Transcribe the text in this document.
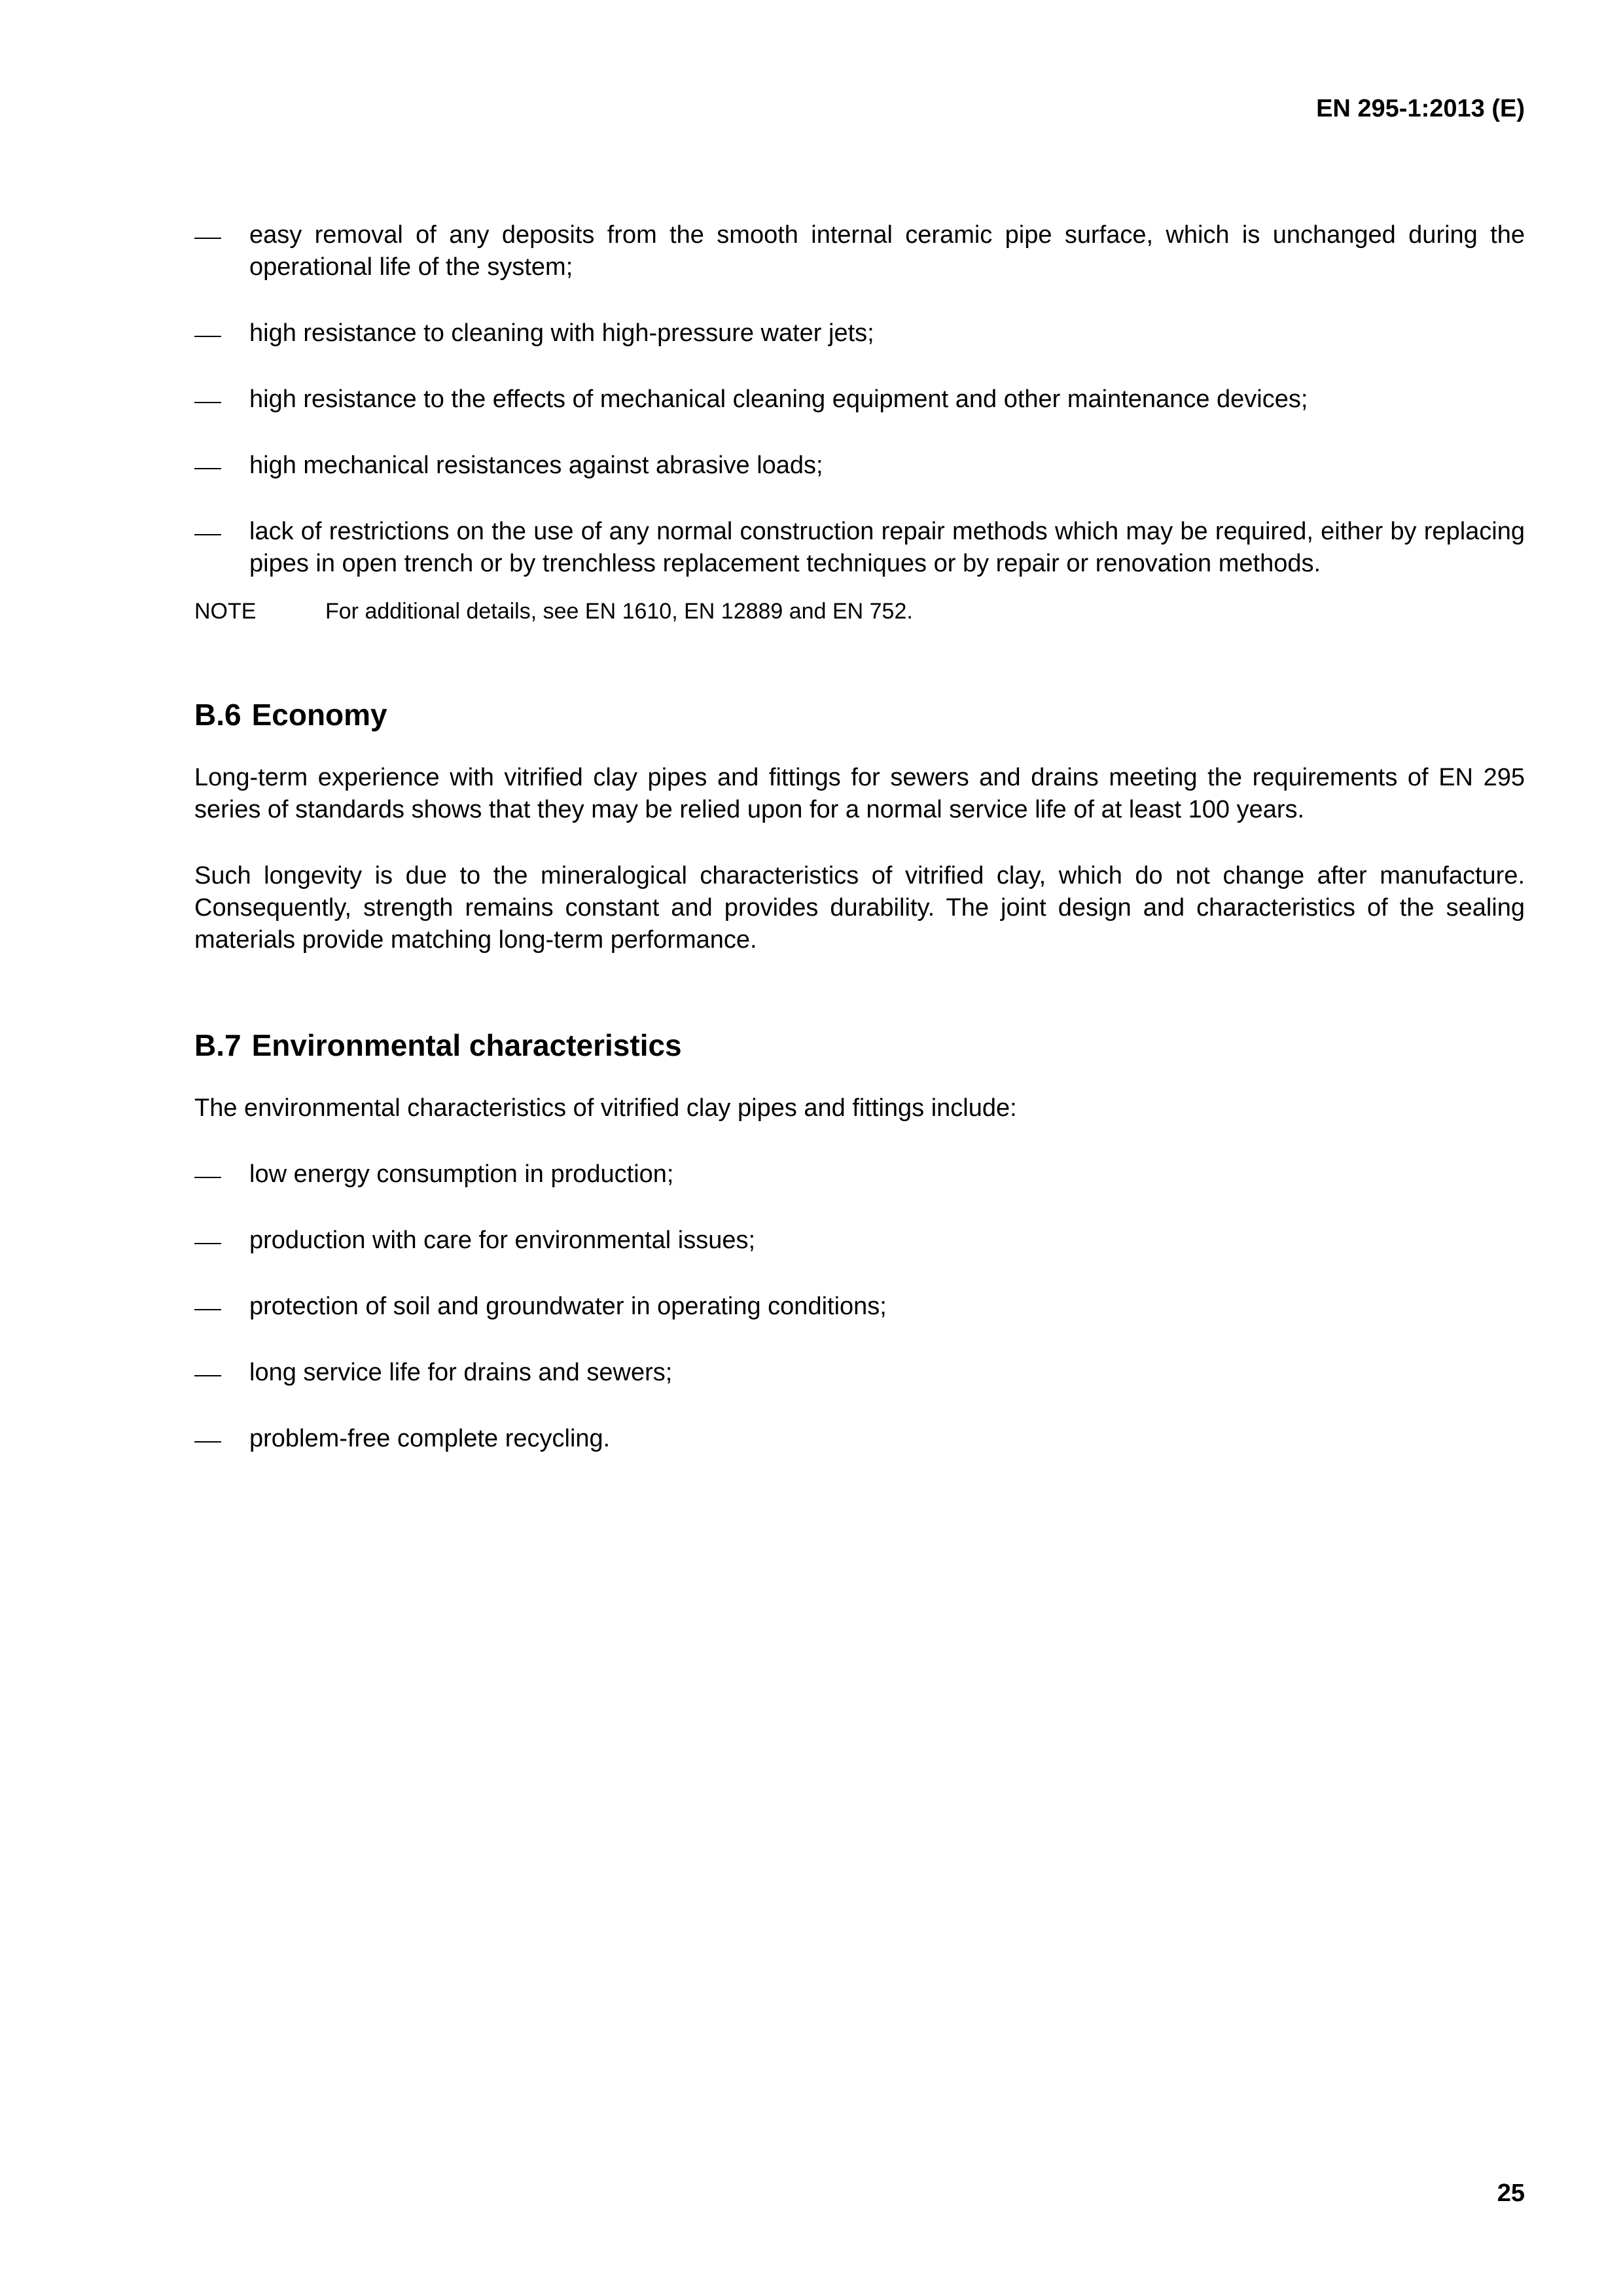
EN 295-1:2013 (E)
easy removal of any deposits from the smooth internal ceramic pipe surface, which is unchanged during the operational life of the system;
high resistance to cleaning with high-pressure water jets;
high resistance to the effects of mechanical cleaning equipment and other maintenance devices;
high mechanical resistances against abrasive loads;
lack of restrictions on the use of any normal construction repair methods which may be required, either by replacing pipes in open trench or by trenchless replacement techniques or by repair or renovation methods.
NOTE	For additional details, see EN 1610, EN 12889 and EN 752.
B.6 Economy

Long-term experience with vitrified clay pipes and fittings for sewers and drains meeting the requirements of EN 295 series of standards shows that they may be relied upon for a normal service life of at least 100 years.

Such longevity is due to the mineralogical characteristics of vitrified clay, which do not change after manufacture. Consequently, strength remains constant and provides durability. The joint design and characteristics of the sealing materials provide matching long-term performance.

B.7 Environmental characteristics

The environmental characteristics of vitrified clay pipes and fittings include:

low energy consumption in production;
production with care for environmental issues;
protection of soil and groundwater in operating conditions;
long service life for drains and sewers;
problem-free complete recycling.
25
